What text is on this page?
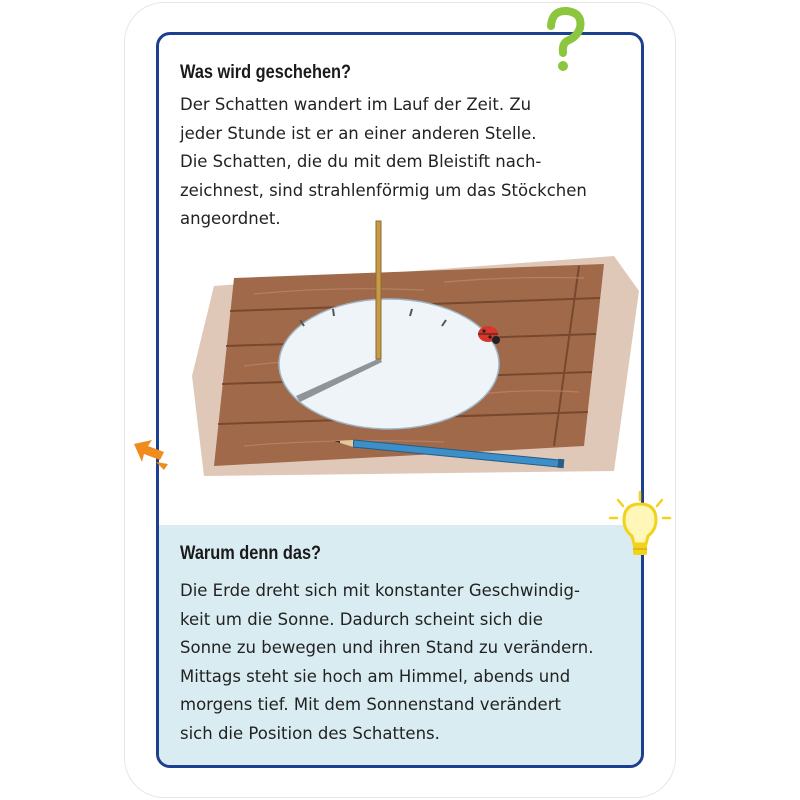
Was wird geschehen?

Der Schatten wandert im Lauf der Zeit. Zu
jeder Stunde ist er an einer anderen Stelle.
Die Schatten, die du mit dem Bleistift nach-
zeichnest, sind strahlenförmig um das Stöckchen
angeordnet.

Warum denn das?

Die Erde dreht sich mit konstanter Geschwindig-
keit um die Sonne. Dadurch scheint sich die
Sonne zu bewegen und ihren Stand zu verändern.
Mittags steht sie hoch am Himmel, abends und
morgens tief. Mit dem Sonnenstand verändert
sich die Position des Schattens.
